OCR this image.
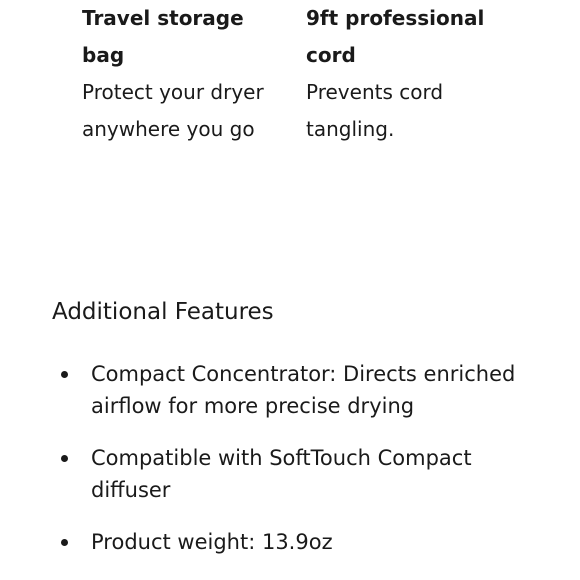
Travel storage bag

Protect your dryer anywhere you go

9ft professional cord

Prevents cord tangling.

Additional Features
Compact Concentrator: Directs enriched airflow for more precise drying
Compatible with SoftTouch Compact diffuser
Product weight: 13.9oz
